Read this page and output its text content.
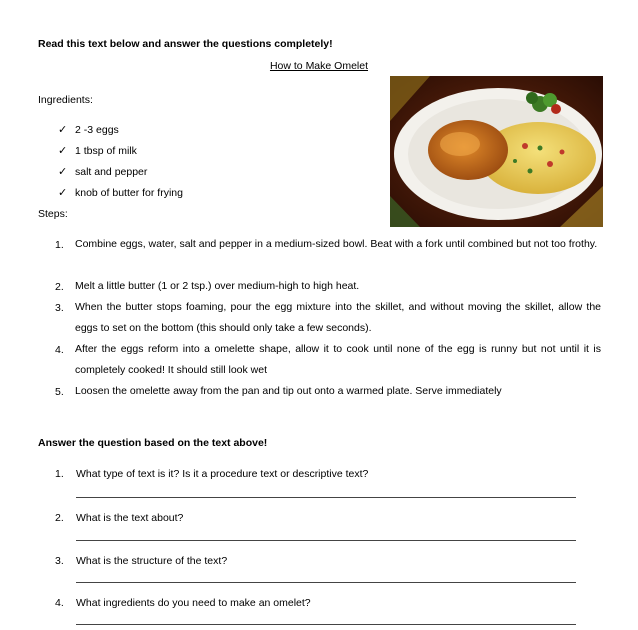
Read this text below and answer the questions completely!
How to Make Omelet
Ingredients:
✓ 2 -3 eggs
✓ 1 tbsp of milk
✓ salt and pepper
✓ knob of butter for frying
Steps:
1. Combine eggs, water, salt and pepper in a medium-sized bowl. Beat with a fork until combined but not too frothy.
2. Melt a little butter (1 or 2 tsp.) over medium-high to high heat.
3. When the butter stops foaming, pour the egg mixture into the skillet, and without moving the skillet, allow the eggs to set on the bottom (this should only take a few seconds).
4. After the eggs reform into a omelette shape, allow it to cook until none of the egg is runny but not until it is completely cooked! It should still look wet
5. Loosen the omelette away from the pan and tip out onto a warmed plate. Serve immediately
Answer the question based on the text above!
1. What type of text is it? Is it a procedure text or descriptive text?
2. What is the text about?
3. What is the structure of the text?
4. What ingredients do you need to make an omelet?
